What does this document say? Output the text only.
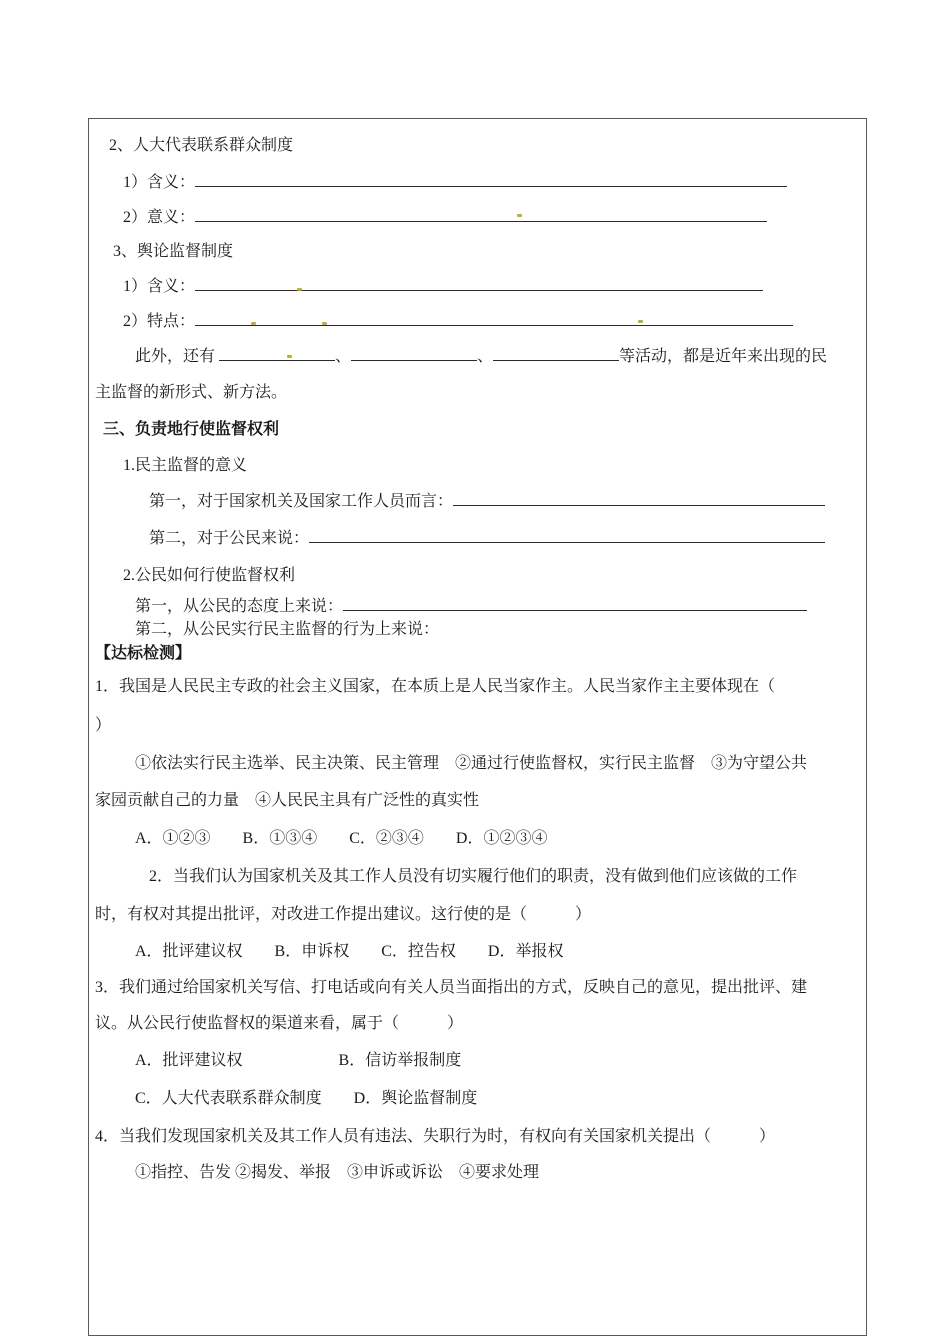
2、人大代表联系群众制度
1）含义：
2）意义：
3、舆论监督制度
1）含义：
2）特点：
此外，还有	、	、	等活动，都是近年来出现的民
主监督的新形式、新方法。
三、负责地行使监督权利
1.民主监督的意义
第一，对于国家机关及国家工作人员而言：
第二，对于公民来说：
2.公民如何行使监督权利
第一，从公民的态度上来说：
第二，从公民实行民主监督的行为上来说：
【达标检测】
1．我国是人民民主专政的社会主义国家，在本质上是人民当家作主。人民当家作主主要体现在（
）
①依法实行民主选举、民主决策、民主管理　②通过行使监督权，实行民主监督　③为守望公共
家园贡献自己的力量　④人民民主具有广泛性的真实性
A．①②③　　B．①③④　　C．②③④　　D．①②③④
2．当我们认为国家机关及其工作人员没有切实履行他们的职责，没有做到他们应该做的工作
时，有权对其提出批评，对改进工作提出建议。这行使的是（　　　）
A．批评建议权　　B．申诉权　　C．控告权　　D．举报权
3．我们通过给国家机关写信、打电话或向有关人员当面指出的方式，反映自己的意见，提出批评、建
议。从公民行使监督权的渠道来看，属于（　　　）
A．批评建议权　　　　　　B．信访举报制度
C．人大代表联系群众制度　　D．舆论监督制度
4．当我们发现国家机关及其工作人员有违法、失职行为时，有权向有关国家机关提出（　　　）
①指控、告发 ②揭发、举报　③申诉或诉讼　④要求处理
